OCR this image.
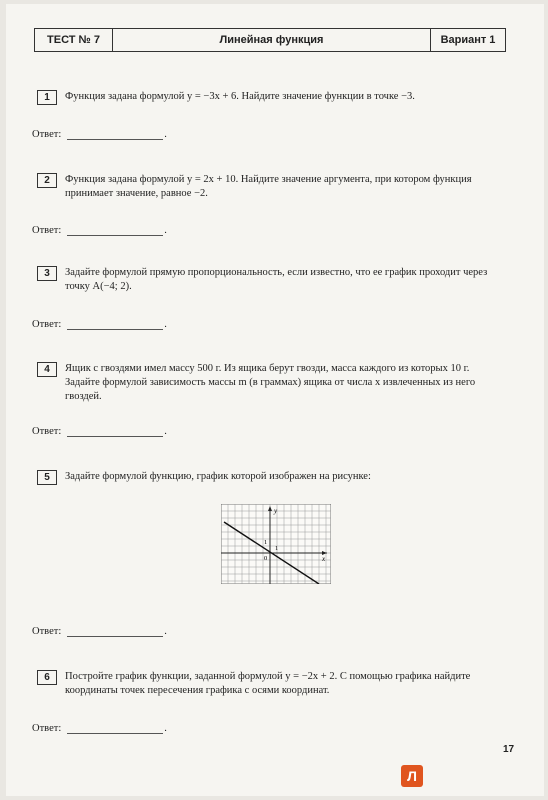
ТЕСТ № 7	Линейная функция	Вариант 1
1	Функция задана формулой y = −3x + 6. Найдите значение функции в точке −3.
Ответ:	.
2	Функция задана формулой y = 2x + 10. Найдите значение аргумента, при котором функция принимает значение, равное −2.
Ответ:	.
3	Задайте формулой прямую пропорциональность, если известно, что ее график проходит через точку A(−4; 2).
Ответ:	.
4	Ящик с гвоздями имел массу 500 г. Из ящика берут гвозди, масса каждого из которых 10 г. Задайте формулой зависимость массы m (в граммах) ящика от числа x извлеченных из него гвоздей.
Ответ:	.
5	Задайте формулой функцию, график которой изображен на рисунке:
y
x
1
1
0
Ответ:	.
6	Постройте график функции, заданной формулой y = −2x + 2. С помощью графика найдите координаты точек пересечения графика с осями координат.
Ответ:	.
17
Л
